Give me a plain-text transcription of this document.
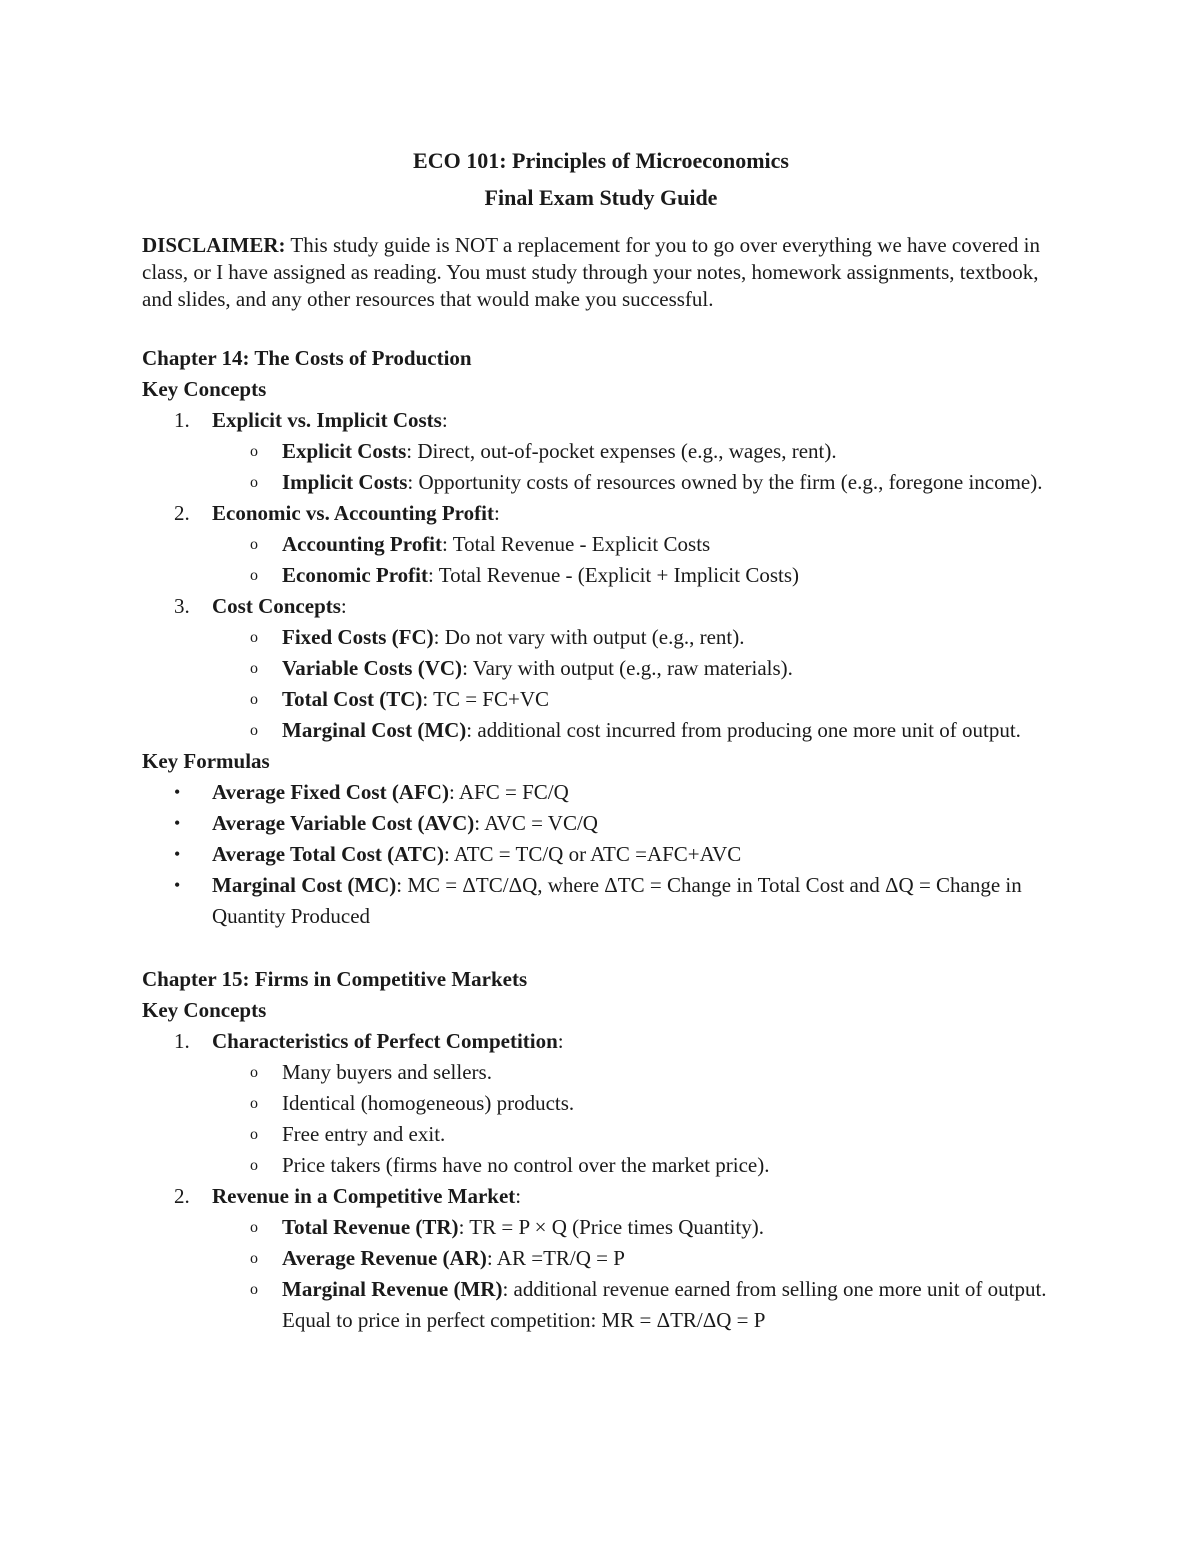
ECO 101: Principles of Microeconomics
Final Exam Study Guide
DISCLAIMER: This study guide is NOT a replacement for you to go over everything we have covered in class, or I have assigned as reading. You must study through your notes, homework assignments, textbook, and slides, and any other resources that would make you successful.
Chapter 14: The Costs of Production
Key Concepts
1.	Explicit vs. Implicit Costs:
o Explicit Costs: Direct, out-of-pocket expenses (e.g., wages, rent).
o Implicit Costs: Opportunity costs of resources owned by the firm (e.g., foregone income).
2.	Economic vs. Accounting Profit:
o Accounting Profit: Total Revenue - Explicit Costs
o Economic Profit: Total Revenue - (Explicit + Implicit Costs)
3.	Cost Concepts:
o Fixed Costs (FC): Do not vary with output (e.g., rent).
o Variable Costs (VC): Vary with output (e.g., raw materials).
o Total Cost (TC): TC = FC+VC
o Marginal Cost (MC): additional cost incurred from producing one more unit of output.
Key Formulas
• Average Fixed Cost (AFC): AFC = FC/Q
• Average Variable Cost (AVC): AVC = VC/Q
• Average Total Cost (ATC): ATC = TC/Q or ATC =AFC+AVC
• Marginal Cost (MC): MC = ΔTC/ΔQ, where ΔTC = Change in Total Cost and ΔQ = Change in Quantity Produced
Chapter 15: Firms in Competitive Markets
Key Concepts
1.	Characteristics of Perfect Competition:
o Many buyers and sellers.
o Identical (homogeneous) products.
o Free entry and exit.
o Price takers (firms have no control over the market price).
2.	Revenue in a Competitive Market:
o Total Revenue (TR): TR = P × Q (Price times Quantity).
o Average Revenue (AR): AR =TR/Q = P
o Marginal Revenue (MR): additional revenue earned from selling one more unit of output. Equal to price in perfect competition: MR = ΔTR/ΔQ = P
